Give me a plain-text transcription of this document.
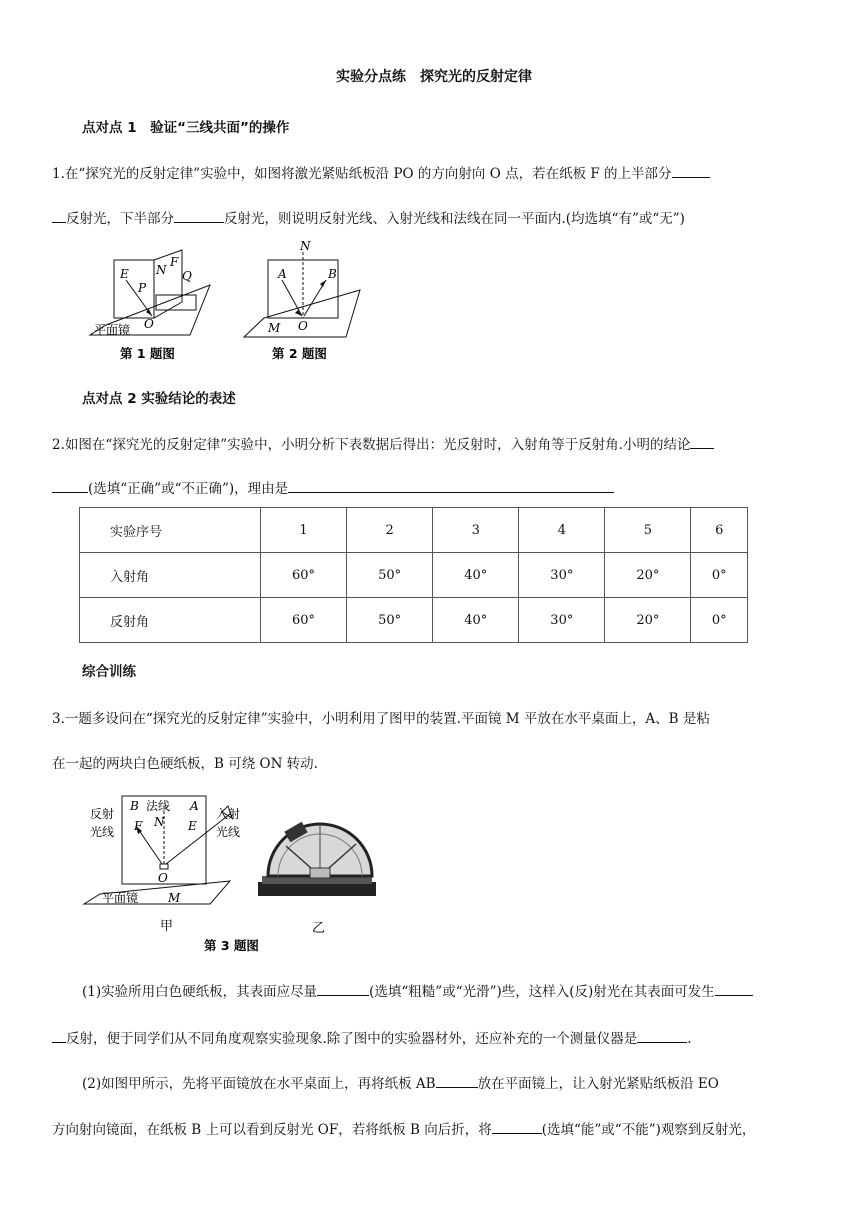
实验分点练　探究光的反射定律
点对点 1　验证“三线共面”的操作
1.在“探究光的反射定律”实验中，如图将激光紧贴纸板沿 PO 的方向射向 O 点，若在纸板 F 的上半部分
反射光，下半部分	反射光，则说明反射光线、入射光线和法线在同一平面内.(均选填“有”或“无”)
E N
F
P
Q
O
平面镜
第 1 题图
N
A	B
M O
第 2 题图
点对点 2 实验结论的表述
2.如图在“探究光的反射定律”实验中，小明分析下表数据后得出：光反射时，入射角等于反射角.小明的结论
(选填“正确”或“不正确”)，理由是
实验序号	1	2	3	4	5	6
入射角	60°	50°	40°	30°	20°	0°
反射角	60°	50°	40°	30°	20°	0°
综合训练
3.一题多设问在“探究光的反射定律”实验中，小明利用了图甲的装置.平面镜 M 平放在水平桌面上，A、B 是粘
在一起的两块白色硬纸板，B 可绕 ON 转动.
反射
光线
法线
入射
光线
B	A
F N E
O
平面镜 M
甲
第 3 题图
乙
(1)实验所用白色硬纸板，其表面应尽量	(选填“粗糙”或“光滑”)些，这样入(反)射光在其表面可发生
反射，便于同学们从不同角度观察实验现象.除了图中的实验器材外，还应补充的一个测量仪器是	.
(2)如图甲所示，先将平面镜放在水平桌面上，再将纸板 AB	放在平面镜上，让入射光紧贴纸板沿 EO
方向射向镜面，在纸板 B 上可以看到反射光 OF，若将纸板 B 向后折，将	(选填“能”或“不能”)观察到反射光，
